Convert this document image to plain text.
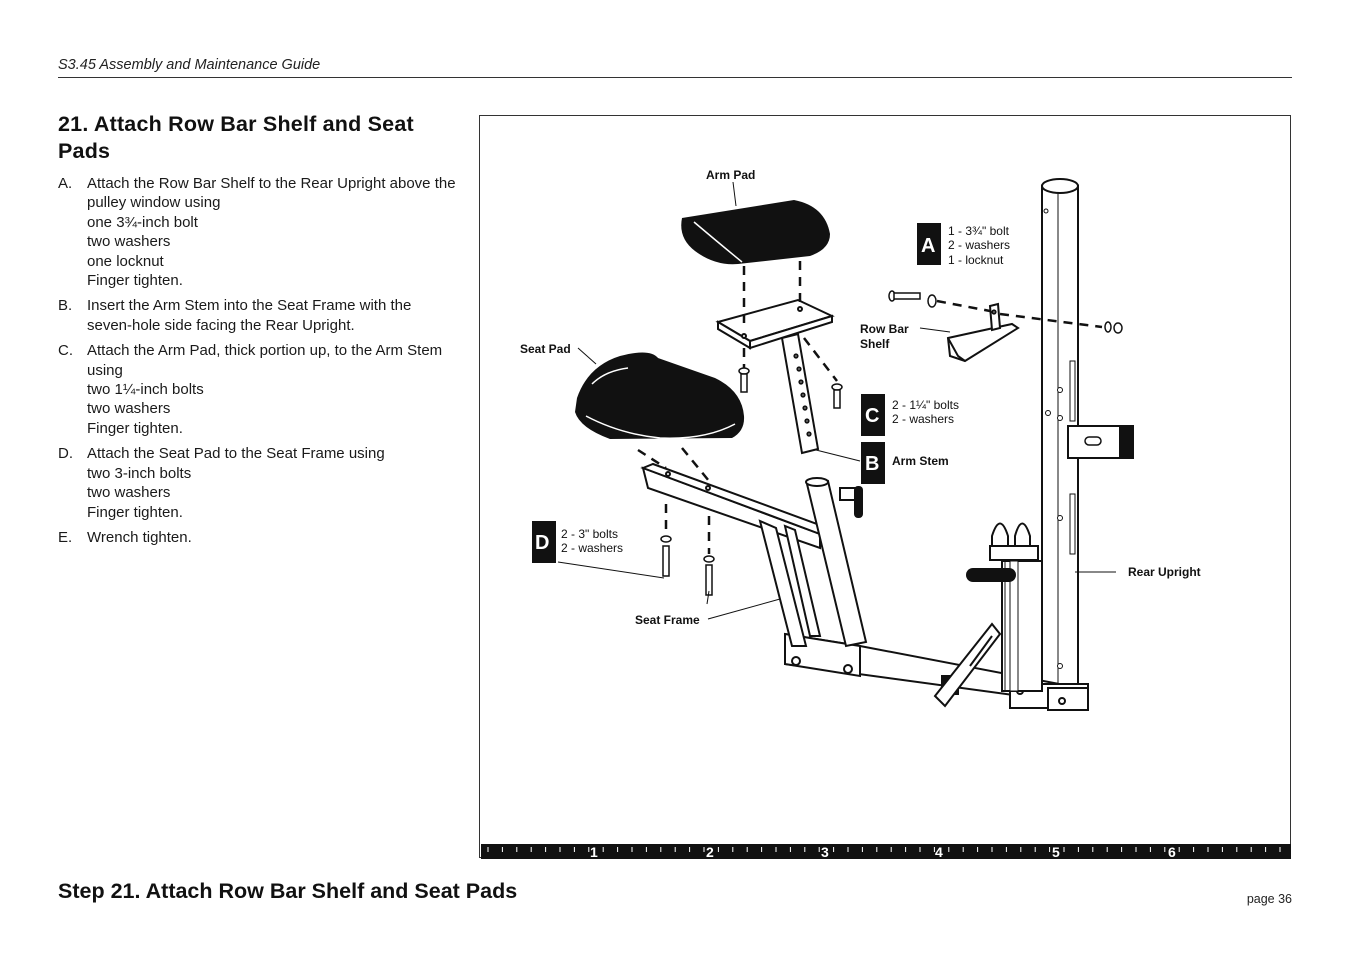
S3.45 Assembly and Maintenance Guide
21. Attach Row Bar Shelf and Seat Pads
A. Attach the Row Bar Shelf to the Rear Upright above the pulley window using
one 3¾-inch bolt
two washers
one locknut
Finger tighten.
B. Insert the Arm Stem into the Seat Frame with the seven-hole side facing the Rear Upright.
C. Attach the Arm Pad, thick portion up, to the Arm Stem using
two 1¼-inch bolts
two washers
Finger tighten.
D. Attach the Seat Pad to the Seat Frame using
two 3-inch bolts
two washers
Finger tighten.
E. Wrench tighten.
Arm Pad
Seat Pad
Row Bar
Shelf
Arm Stem
Rear Upright
Seat Frame
A
1 - 3¾" bolt
2 - washers
1 - locknut
C 2 - 1¼" bolts
2 - washers
B
D 2 - 3" bolts
2 - washers
1	2	3	4	5	6
Step 21. Attach Row Bar Shelf and Seat Pads	page 36
